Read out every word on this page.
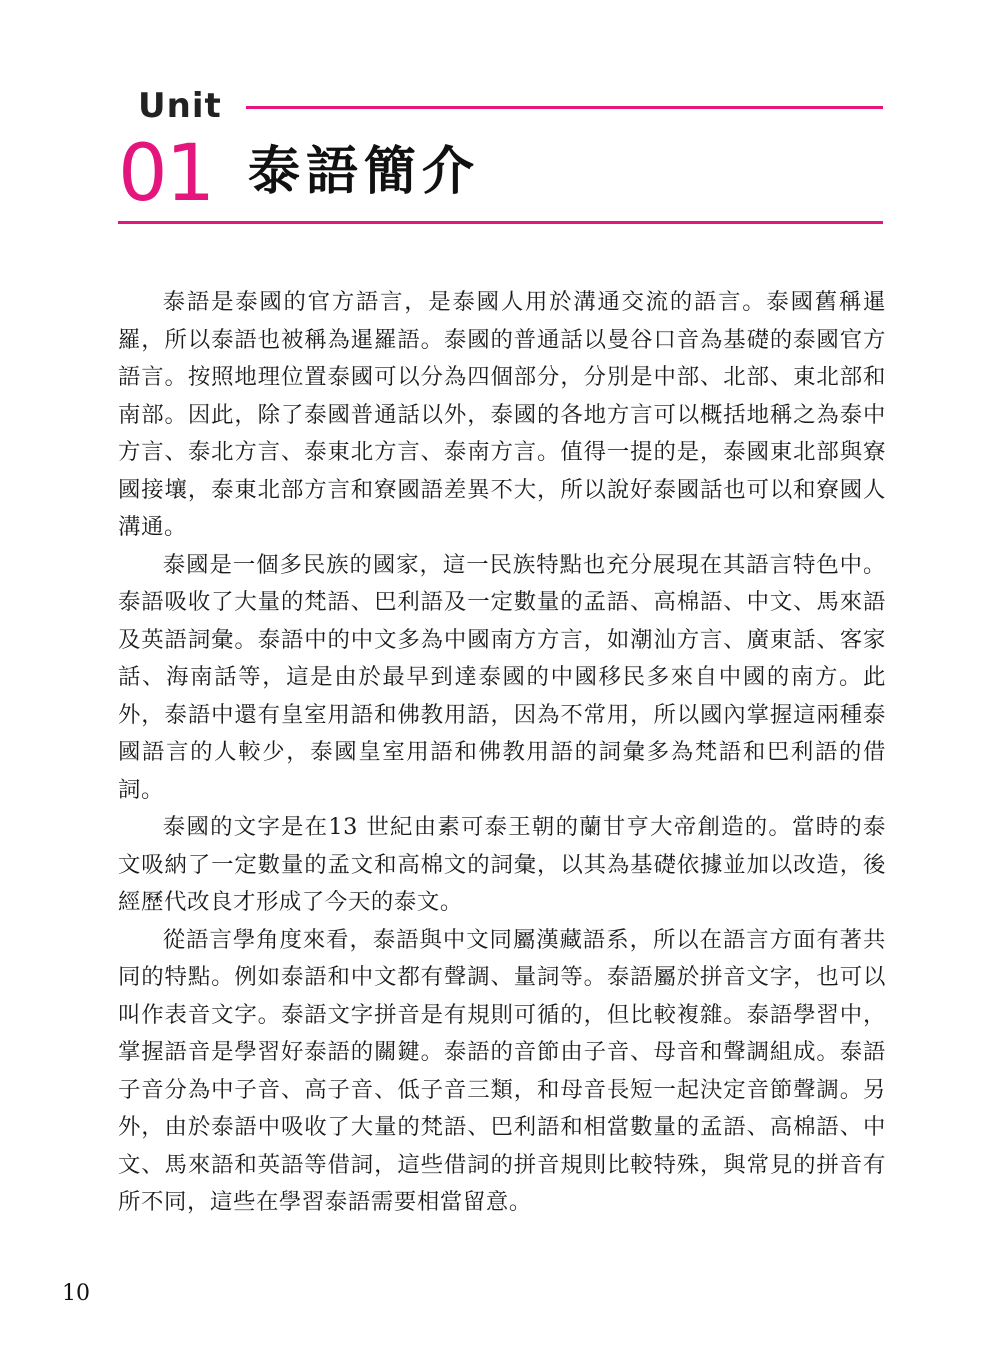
Unit
01 泰語簡介

泰語是泰國的官方語言，是泰國人用於溝通交流的語言。泰國舊稱暹羅，所以泰語也被稱為暹羅語。泰國的普通話以曼谷口音為基礎的泰國官方語言。按照地理位置泰國可以分為四個部分，分別是中部、北部、東北部和南部。因此，除了泰國普通話以外，泰國的各地方言可以概括地稱之為泰中方言、泰北方言、泰東北方言、泰南方言。值得一提的是，泰國東北部與寮國接壤，泰東北部方言和寮國語差異不大，所以說好泰國話也可以和寮國人溝通。

泰國是一個多民族的國家，這一民族特點也充分展現在其語言特色中。泰語吸收了大量的梵語、巴利語及一定數量的孟語、高棉語、中文、馬來語及英語詞彙。泰語中的中文多為中國南方方言，如潮汕方言、廣東話、客家話、海南話等，這是由於最早到達泰國的中國移民多來自中國的南方。此外，泰語中還有皇室用語和佛教用語，因為不常用，所以國內掌握這兩種泰國語言的人較少，泰國皇室用語和佛教用語的詞彙多為梵語和巴利語的借詞。

泰國的文字是在13 世紀由素可泰王朝的蘭甘亨大帝創造的。當時的泰文吸納了一定數量的孟文和高棉文的詞彙，以其為基礎依據並加以改造，後經歷代改良才形成了今天的泰文。

從語言學角度來看，泰語與中文同屬漢藏語系，所以在語言方面有著共同的特點。例如泰語和中文都有聲調、量詞等。泰語屬於拼音文字，也可以叫作表音文字。泰語文字拼音是有規則可循的，但比較複雜。泰語學習中，掌握語音是學習好泰語的關鍵。泰語的音節由子音、母音和聲調組成。泰語子音分為中子音、高子音、低子音三類，和母音長短一起決定音節聲調。另外，由於泰語中吸收了大量的梵語、巴利語和相當數量的孟語、高棉語、中文、馬來語和英語等借詞，這些借詞的拼音規則比較特殊，與常見的拼音有所不同，這些在學習泰語需要相當留意。

10
